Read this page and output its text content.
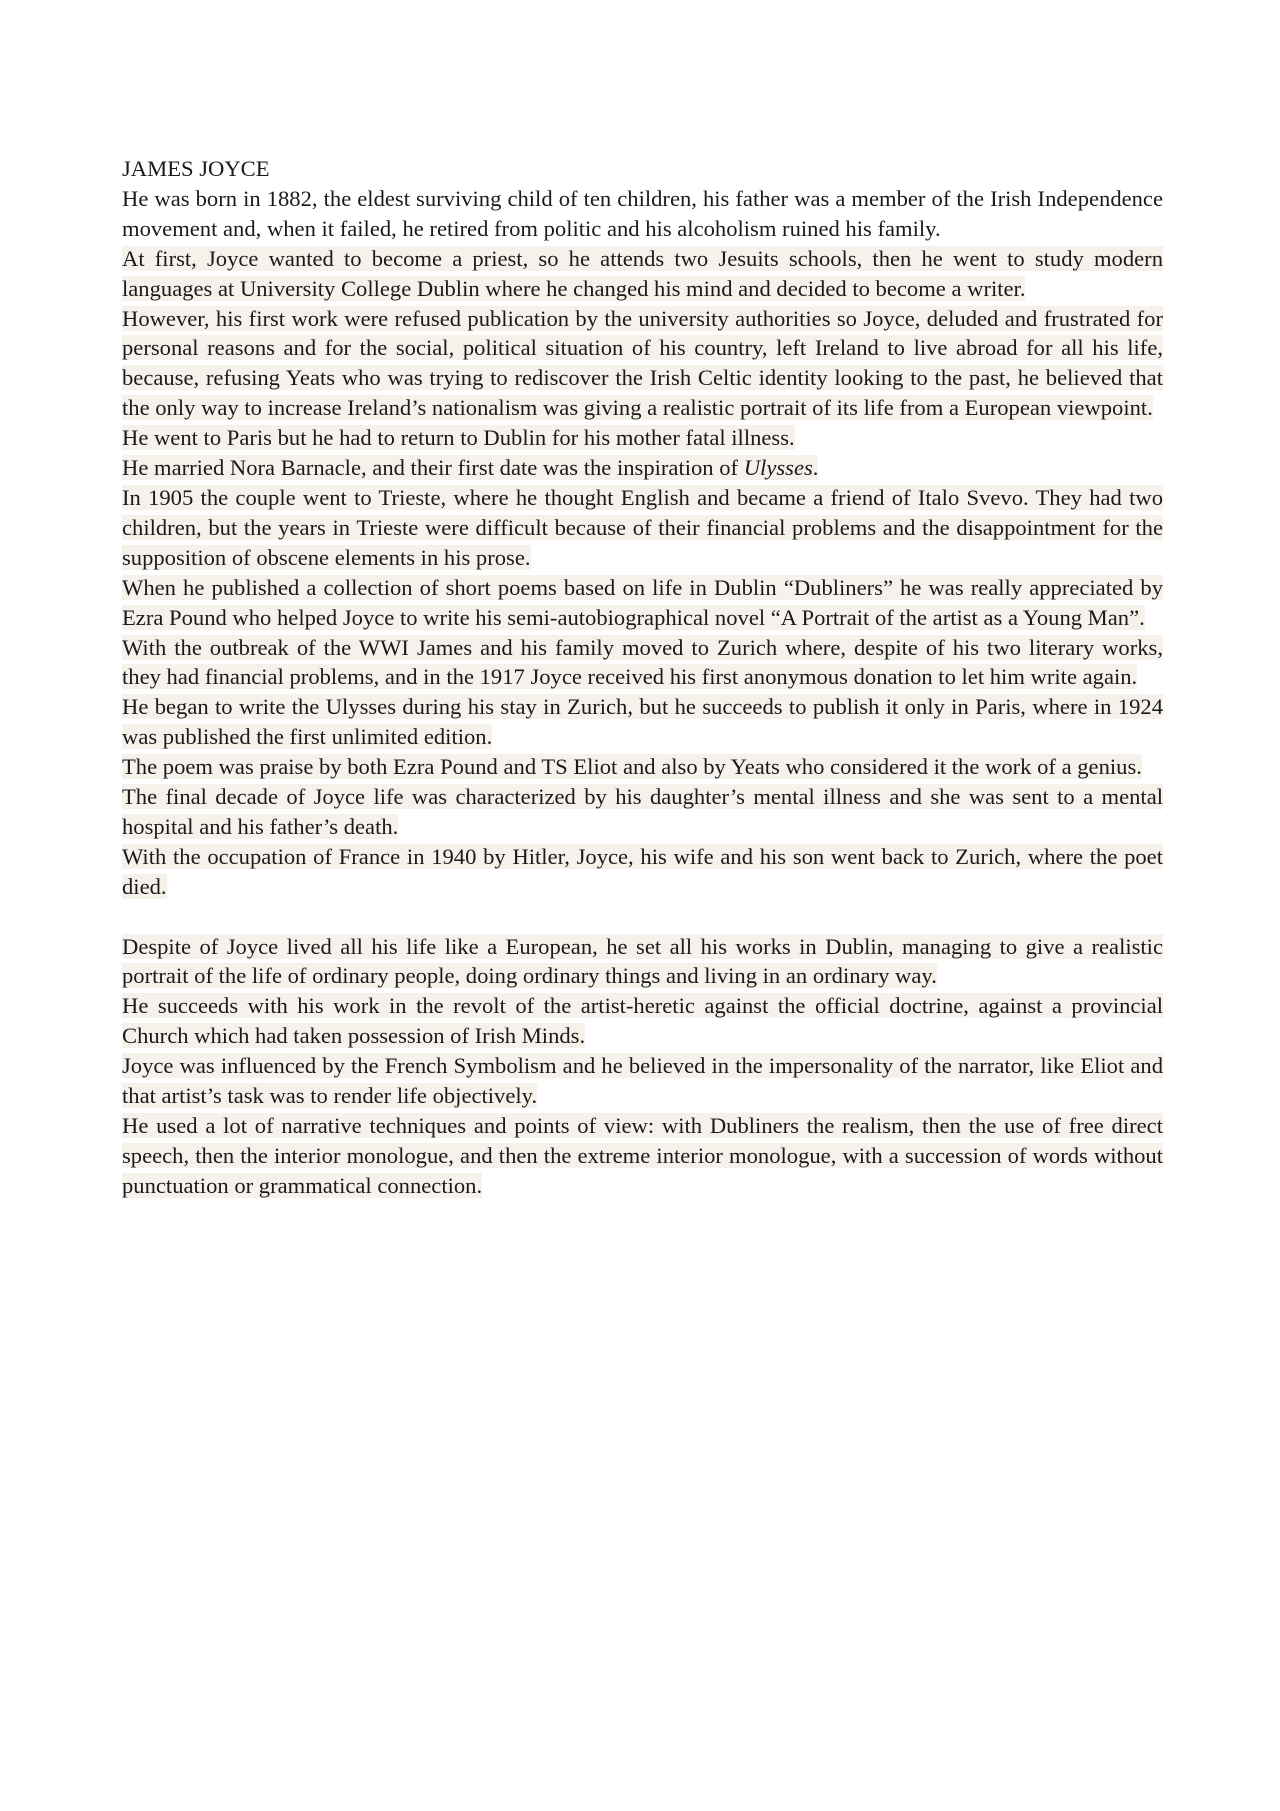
JAMES JOYCE
He was born in 1882, the eldest surviving child of ten children, his father was a member of the Irish Independence movement and, when it failed, he retired from politic and his alcoholism ruined his family.
At first, Joyce wanted to become a priest, so he attends two Jesuits schools, then he went to study modern languages at University College Dublin where he changed his mind and decided to become a writer.
However, his first work were refused publication by the university authorities so Joyce, deluded and frustrated for personal reasons and for the social, political situation of his country, left Ireland to live abroad for all his life, because, refusing Yeats who was trying to rediscover the Irish Celtic identity looking to the past, he believed that the only way to increase Ireland’s nationalism was giving a realistic portrait of its life from a European viewpoint.
He went to Paris but he had to return to Dublin for his mother fatal illness.
He married Nora Barnacle, and their first date was the inspiration of Ulysses.
In 1905 the couple went to Trieste, where he thought English and became a friend of Italo Svevo. They had two children, but the years in Trieste were difficult because of their financial problems and the disappointment for the supposition of obscene elements in his prose.
When he published a collection of short poems based on life in Dublin “Dubliners” he was really appreciated by Ezra Pound who helped Joyce to write his semi-autobiographical novel “A Portrait of the artist as a Young Man”.
With the outbreak of the WWI James and his family moved to Zurich where, despite of his two literary works, they had financial problems, and in the 1917 Joyce received his first anonymous donation to let him write again.
He began to write the Ulysses during his stay in Zurich, but he succeeds to publish it only in Paris, where in 1924 was published the first unlimited edition.
The poem was praise by both Ezra Pound and TS Eliot and also by Yeats who considered it the work of a genius.
The final decade of Joyce life was characterized by his daughter’s mental illness and she was sent to a mental hospital and his father’s death.
With the occupation of France in 1940 by Hitler, Joyce, his wife and his son went back to Zurich, where the poet died.
Despite of Joyce lived all his life like a European, he set all his works in Dublin, managing to give a realistic portrait of the life of ordinary people, doing ordinary things and living in an ordinary way.
He succeeds with his work in the revolt of the artist-heretic against the official doctrine, against a provincial Church which had taken possession of Irish Minds.
Joyce was influenced by the French Symbolism and he believed in the impersonality of the narrator, like Eliot and that artist’s task was to render life objectively.
He used a lot of narrative techniques and points of view: with Dubliners the realism, then the use of free direct speech, then the interior monologue, and then the extreme interior monologue, with a succession of words without punctuation or grammatical connection.
